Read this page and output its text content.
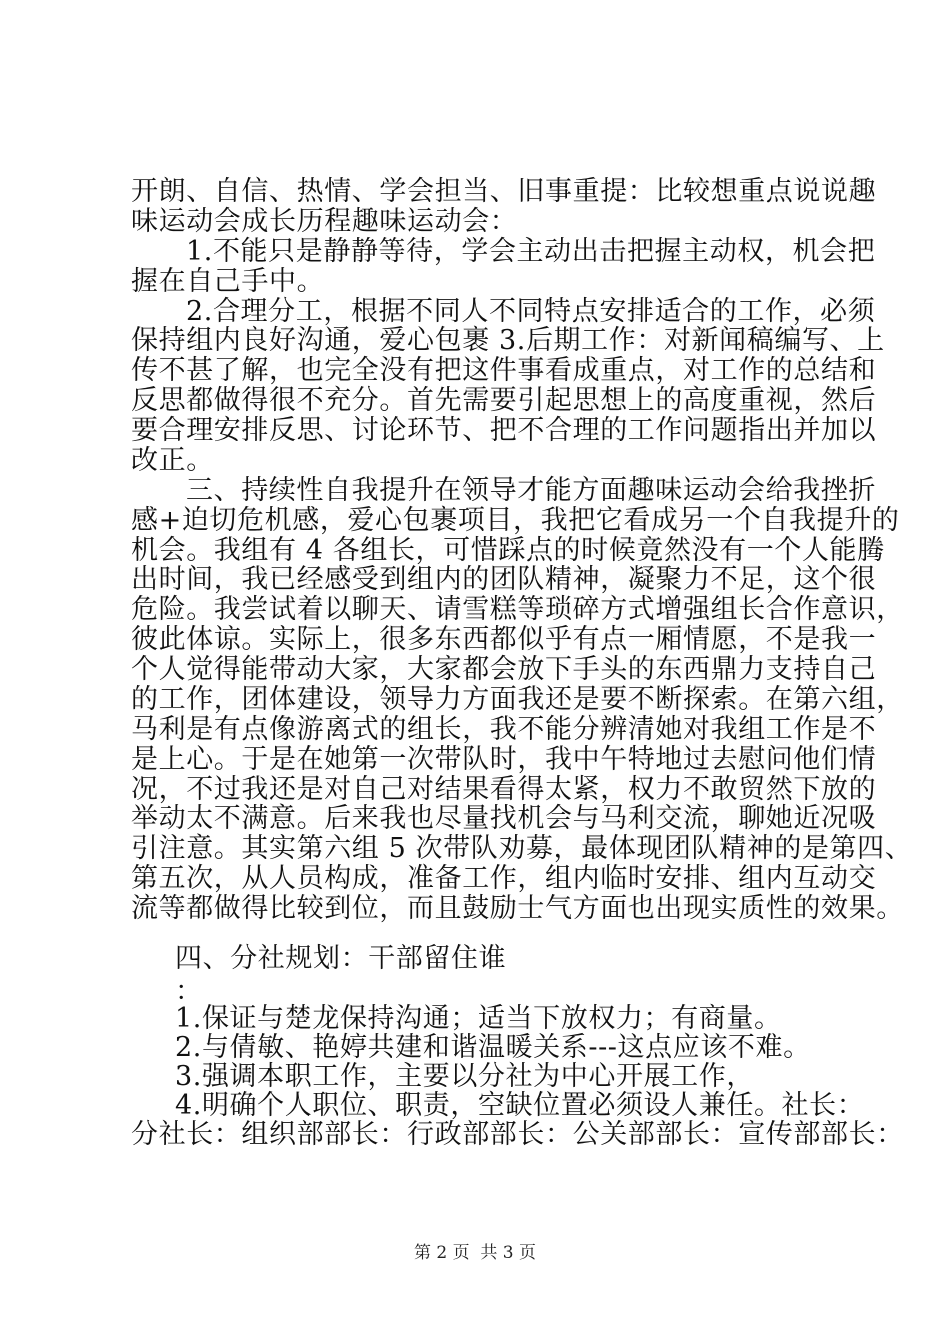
开朗、自信、热情、学会担当、旧事重提：比较想重点说说趣
味运动会成长历程趣味运动会：
1.不能只是静静等待，学会主动出击把握主动权，机会把
握在自己手中。
2.合理分工，根据不同人不同特点安排适合的工作，必须
保持组内良好沟通，爱心包裹 3.后期工作：对新闻稿编写、上
传不甚了解，也完全没有把这件事看成重点，对工作的总结和
反思都做得很不充分。首先需要引起思想上的高度重视，然后
要合理安排反思、讨论环节、把不合理的工作问题指出并加以
改正。
三、持续性自我提升在领导才能方面趣味运动会给我挫折
感+迫切危机感，爱心包裹项目，我把它看成另一个自我提升的
机会。我组有 4 各组长，可惜踩点的时候竟然没有一个人能腾
出时间，我已经感受到组内的团队精神，凝聚力不足，这个很
危险。我尝试着以聊天、请雪糕等琐碎方式增强组长合作意识，
彼此体谅。实际上，很多东西都似乎有点一厢情愿，不是我一
个人觉得能带动大家，大家都会放下手头的东西鼎力支持自己
的工作，团体建设，领导力方面我还是要不断探索。在第六组，
马利是有点像游离式的组长，我不能分辨清她对我组工作是不
是上心。于是在她第一次带队时，我中午特地过去慰问他们情
况，不过我还是对自己对结果看得太紧，权力不敢贸然下放的
举动太不满意。后来我也尽量找机会与马利交流，聊她近况吸
引注意。其实第六组 5 次带队劝募，最体现团队精神的是第四、
第五次，从人员构成，准备工作，组内临时安排、组内互动交
流等都做得比较到位，而且鼓励士气方面也出现实质性的效果。
四、分社规划：干部留住谁
：
1.保证与楚龙保持沟通；适当下放权力；有商量。
2.与倩敏、艳婷共建和谐温暖关系---这点应该不难。
3.强调本职工作，主要以分社为中心开展工作，
4.明确个人职位、职责，空缺位置必须设人兼任。社长：
分社长：组织部部长：行政部部长：公关部部长：宣传部部长：
第 2 页  共 3 页
